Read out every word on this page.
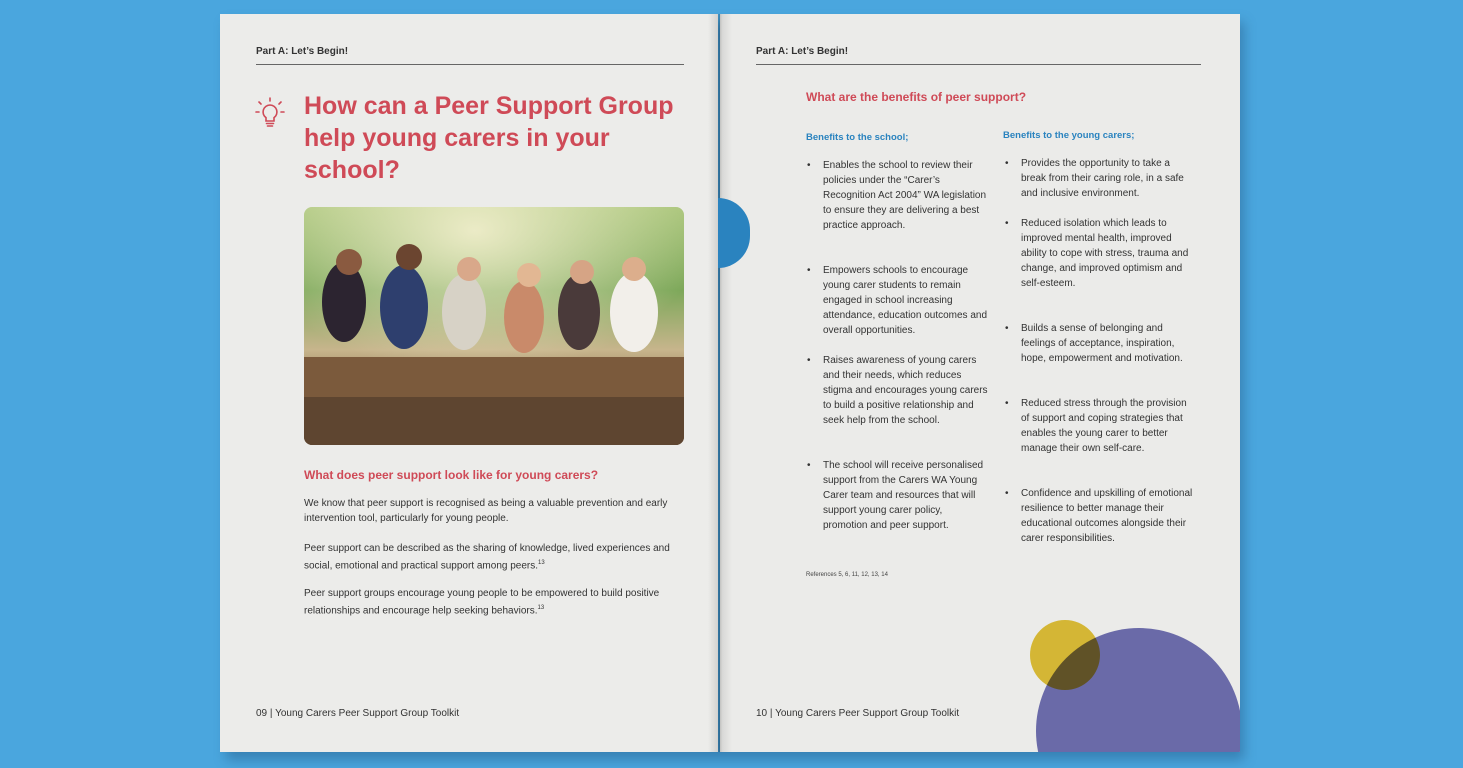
Part A: Let’s Begin!
How can a Peer Support Group help young carers in your school?
What does peer support look like for young carers?
We know that peer support is recognised as being a valuable prevention and early intervention tool, particularly for young people.
Peer support can be described as the sharing of knowledge, lived experiences and social, emotional and practical support among peers.$^{13}$
Peer support groups encourage young people to be empowered to build positive relationships and encourage help seeking behaviors.$^{13}$
09 | Young Carers Peer Support Group Toolkit
Part A: Let’s Begin!
What are the benefits of peer support?
Benefits to the school;	Benefits to the young carers;
• Enables the school to review their policies under the “Carer’s Recognition Act 2004” WA legislation to ensure they are delivering a best practice approach.
• Empowers schools to encourage young carer students to remain engaged in school increasing attendance, education outcomes and overall opportunities.
• Raises awareness of young carers and their needs, which reduces stigma and encourages young carers to build a positive relationship and seek help from the school.
• The school will receive personalised support from the Carers WA Young Carer team and resources that will support young carer policy, promotion and peer support.
• Provides the opportunity to take a break from their caring role, in a safe and inclusive environment.
• Reduced isolation which leads to improved mental health, improved ability to cope with stress, trauma and change, and improved optimism and self-esteem.
• Builds a sense of belonging and feelings of acceptance, inspiration, hope, empowerment and motivation.
• Reduced stress through the provision of support and coping strategies that enables the young carer to better manage their own self-care.
• Confidence and upskilling of emotional resilience to better manage their educational outcomes alongside their carer responsibilities.
References 5, 6, 11, 12, 13, 14
10 | Young Carers Peer Support Group Toolkit
